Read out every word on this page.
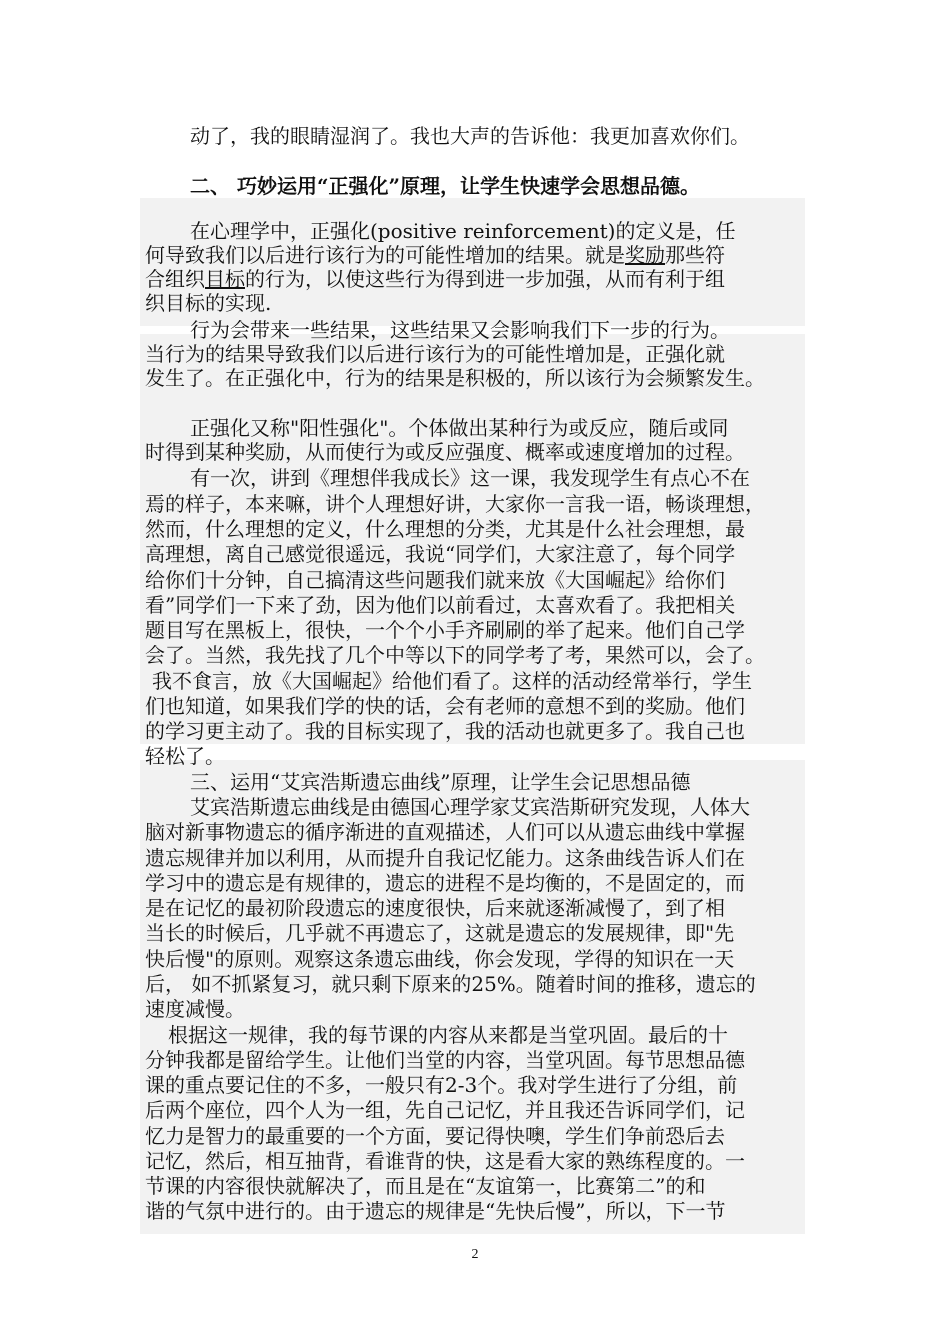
动了，我的眼睛湿润了。我也大声的告诉他：我更加喜欢你们。
二、 巧妙运用“正强化”原理，让学生快速学会思想品德。
在心理学中，正强化(positive reinforcement)的定义是，任
何导致我们以后进行该行为的可能性增加的结果。就是奖励那些符
合组织目标的行为，以使这些行为得到进一步加强，从而有利于组
织目标的实现.
行为会带来一些结果，这些结果又会影响我们下一步的行为。
当行为的结果导致我们以后进行该行为的可能性增加是，正强化就
发生了。在正强化中，行为的结果是积极的，所以该行为会频繁发生。
正强化又称"阳性强化"。个体做出某种行为或反应，随后或同
时得到某种奖励，从而使行为或反应强度、概率或速度增加的过程。
有一次，讲到《理想伴我成长》这一课，我发现学生有点心不在
焉的样子，本来嘛，讲个人理想好讲，大家你一言我一语，畅谈理想，
然而，什么理想的定义，什么理想的分类，尤其是什么社会理想，最
高理想，离自己感觉很遥远，我说“同学们，大家注意了，每个同学
给你们十分钟，自己搞清这些问题我们就来放《大国崛起》给你们
看”同学们一下来了劲，因为他们以前看过，太喜欢看了。我把相关
题目写在黑板上，很快，一个个小手齐刷刷的举了起来。他们自己学
会了。当然，我先找了几个中等以下的同学考了考，果然可以，会了。
我不食言，放《大国崛起》给他们看了。这样的活动经常举行，学生
们也知道，如果我们学的快的话，会有老师的意想不到的奖励。他们
的学习更主动了。我的目标实现了，我的活动也就更多了。我自己也
轻松了。
三、运用“艾宾浩斯遗忘曲线”原理，让学生会记思想品德
艾宾浩斯遗忘曲线是由德国心理学家艾宾浩斯研究发现，人体大
脑对新事物遗忘的循序渐进的直观描述，人们可以从遗忘曲线中掌握
遗忘规律并加以利用，从而提升自我记忆能力。这条曲线告诉人们在
学习中的遗忘是有规律的，遗忘的进程不是均衡的，不是固定的，而
是在记忆的最初阶段遗忘的速度很快，后来就逐渐减慢了，到了相
当长的时候后，几乎就不再遗忘了，这就是遗忘的发展规律，即"先
快后慢"的原则。观察这条遗忘曲线，你会发现，学得的知识在一天
后， 如不抓紧复习，就只剩下原来的25%。随着时间的推移，遗忘的
速度减慢。
根据这一规律，我的每节课的内容从来都是当堂巩固。最后的十
分钟我都是留给学生。让他们当堂的内容，当堂巩固。每节思想品德
课的重点要记住的不多，一般只有2-3个。我对学生进行了分组，前
后两个座位，四个人为一组，先自己记忆，并且我还告诉同学们，记
忆力是智力的最重要的一个方面，要记得快噢，学生们争前恐后去
记忆，然后，相互抽背，看谁背的快，这是看大家的熟练程度的。一
节课的内容很快就解决了，而且是在“友谊第一，比赛第二”的和
谐的气氛中进行的。由于遗忘的规律是“先快后慢”，所以，下一节
2
